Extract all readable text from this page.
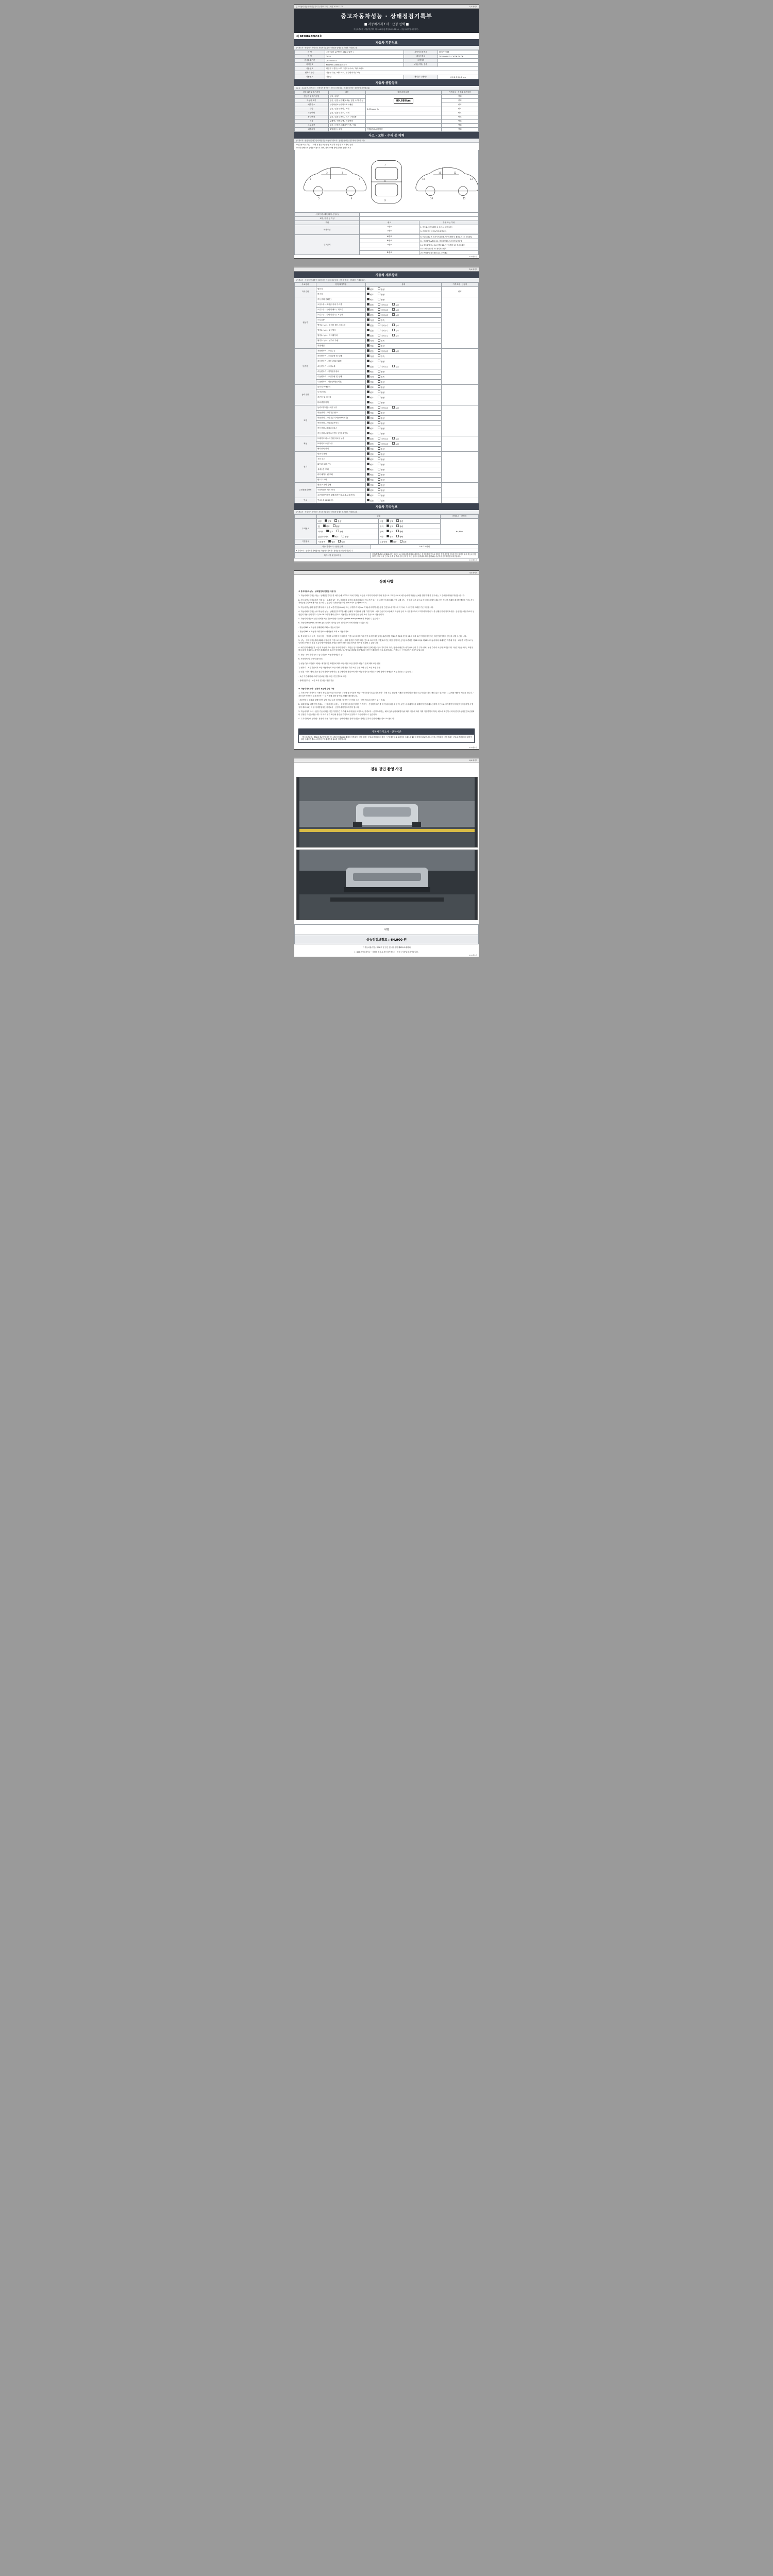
중고자동차 성능·상태점검기록부 (제1호서식) | 제출 2025.11.01.	1/4 페이지
중고자동차성능 · 상태점검기록부
■ 자동차가격조사 · 산정 선택 ■
자동차관리법 시행규칙 [별지 제120호서식] 개정 2025.05.16. 〈자동차관리법 시행규칙〉
제 98308282631호
자동차 기본정보
(가격조사 · 산정자가 확인하는 자동차기본정보 · 산정을 함에는 점부해야 기재합니다)
차 명	스파크(더 뉴)밴모드 (4륜보급용 )	자동차등록번호	306가7086
연 식	2022	최초등록일	2022-04-07 ~ 2026-04-06
검사유효기간	2022-04-07	주행거리	
차대번호	KNAP451ZENO1154TT	(사용여부) 종류	
사용연료	휘발유 / 경유 / LPG / 전기 / 수소 / 하이브리드		
변속기 종류	자동 / 수동 / 세미오토 / 무단변속기(CVT)		
사용연료	가솔린	계기상 주행거리	0 0 0 0 0 0 0 km
자동차 종합상태
(주요 · 주요골격, 가격조사 · 산정자가 확인하는 자동차 상태정보 · 산정을 함에는 점부해야 기재합니다)
상태구분 및 특기사항	내용	점검(정비)내용	가격조사 · 산정자 특기사항
전동기 및 특기사항	양호 / 불량	89,689km	양호
자동차 표기	없음 / 있음 / 잠재(교체) / 없음 / 주유손상		양호
배출가스	일산화탄소 / 탄화수소 / 매연		양호
튜닝	없음 / 있음 / 불법 / 적법	0.0% ppm %	양호
특별이력	없음 / 있음 / 침수 / 화재		양호
용도변경	없음 / 있음 / 렌트 / 리스 / 영업용		양호
색상	무채색 / 전체도색 / 색상변경		양호
주요옵션	없음 / 선루프 / 내비게이션 / 기타		양호
리콜대상	해당없음 / 해당	이행(완료) / 미이행	양호
사고 · 교환 · 수리 등 이력
(가격조사 · 산정자 및 매수인에 확인하는 자동차가격조사 · 산정을 함에는 점부해야 기재합니다)
※ (부품 또는 부위) 1) 교환 2) 판금 또는 용접 3) 부식 4) 흠집 5) 요철 6) 손상
※ 하단 상태표시 설명은 기준으로 하며, 가격조사에 상세 위치에 정확히 표시
1
2	3
4
5	6
7
8
9
10
11	12
13
14	15
사고이력 (내차/타차 손상도)		
교환, 판금 등 이상		
부위	랭크	부품 또는 부위
외판부위	1랭크	1. 후드 2. 프론트휀더 3. 도어 4. 트렁크리드
	2랭크	5. 라디에이터 서포트(볼트체결부품)

주요골격	A랭크	6. 프론트패널 7. 인사이드패널 8. 사이드멤버 9. 휠하우스 10. 대시패널
	B랭크	11. 필러패널(A/B/C) 12. 리어패널 13. 트렁크플로어패널
	C랭크	14. 루프패널 15. 크로스멤버 16. 사이드멤버 17. 플로어패널
		18. 트렁크플로어 19. 패키지트레이
	D랭크	20. 쿼터패널(리어휀더) 21. 루프패널
1/4 페이지
2/4 페이지
자동차 세부상태
(가격조사 · 산정자 및 매수인에 확인하는 자동차 세부상태 · 산정을 함에는 점부해야 기재합니다)
주요장치	항목/해당부품	상태	가격조사 · 산정자
자기진단	원동기	양호 불량	양호
	변속기	양호 불량	
원동기	작동상태(공회전)	양호 불량	
	오일누유 - 로커암 커버 가스켓	없음 미세누유 누유	
	오일누유 - 실린더 헤드 / 개스킷	없음 미세누유 누유	
	오일누유 - 실린더 블록 / 오일팬	없음 미세누유 누유	
	오일유량	적정 부족	
	냉각수 누수 - 실린더 헤드 / 가스켓	없음 미세누수 누수	
	냉각수 누수 - 워터펌프	없음 미세누수 누수	
	냉각수 누수 - 라디에이터	없음 미세누수 누수	
	냉각수 누수 - 냉각수 수량	적정 부족	
	커먼레일	양호 불량	
변속기	자동변속기 - 오일누유	없음 미세누유 누유	
	자동변속기 - 오일유량 및 상태	적정 부족	
	자동변속기 - 작동상태(공회전)	양호 불량	
	수동변속기 - 오일누유	없음 미세누유 누유	
	수동변속기 - 기어변속장치	양호 불량	
	수동변속기 - 오일유량 및 상태	적정 부족	
	수동변속기 - 작동상태(공회전)	양호 불량	
동력전달	클러치 어셈블리	양호 불량	
	등속조인트	양호 불량	
	추진축 및 베어링	양호 불량	
	디퍼렌셜 기어	양호 불량	
조향	동력조향 작동 오일 누유	없음 미세누유 누유	
	작동상태 - 스티어링 펌프	양호 불량	
	작동상태 - 스티어링 기어(MDPS포함)	양호 불량	
	작동상태 - 스티어링조인트	양호 불량	
	작동상태 - 파워고압호스	양호 불량	
	작동상태 - 타이로드엔드 및 볼 조인트	양호 불량	
제동	브레이크 마스터 실린더오일 누유	없음 미세누유 누유	
	브레이크 오일 누유	없음 미세누유 누유	
	배력장치 상태	양호 불량	
전기	발전기 출력	양호 불량	
	시동 모터	양호 불량	
	와이퍼 모터 기능	양호 불량	
	실내송풍 모터	양호 불량	
	라디에이터 팬 모터	양호 불량	
	윈도우 모터	양호 불량	
고전원전기장치	충전구 절연 상태	양호 불량	
	구동축전지 격리 상태	양호 불량	
	고전원전기배선 상태(접속단자,피복,보호커버)	양호 불량	
연료	연료누출(LPG포함)	없음 있음	
자동차 기타정보
(가격조사 · 산정자가 확인하는 자동차기타정보 · 산정을 함에는 점부해야 기재합니다)
	상태		가격조사 · 산정자
수리필요	외장 양호 불량	내장 양호 불량	64,900
	휠 양호 불량	유리 양호 불량	
	타이어 양호 불량	광택 양호 불량	
	휠얼라인먼트 양호 불량	기타 양호 불량	
기본품목	기본품목 없음 있음	보유상태 없음 있음	
최종 가격조사 · 산정 금액	0 0 0 0 만원
※ 가격조사 · 산정가격 상세항목은 자동차가격조사 · 산정을 한 경우에 적습니다.	
특기사항 및 참고사항	점검(수행)결과서(제8호서식) 그간의 1차 대내외결과(제9조제1항)는 검색결과의 것으로 정하여 적합 부적합 검사를 받아야 하며 위의 자동차 점검 결과는 모두 사실 근거로 산출 및 수리 산정 금액 및 모든 공기의 당출(제2조제1항제4호)에 준하여 산정하였음을 확인합니다.
2/4 페이지
3/4 페이지
유의사항

※ 중고자동차성능 · 상태점검과 관련한 사항 등

1. 자동차매매업자는 성능 · 상태점검기록부를 매수인에 교부하고 이에 기재된 사항을 고지하지 아니하거나 거짓으로 고지함으로써 매수인에게 재산상 손해를 발생하게 한 경우에는 그 손해를 배상할 책임을 집니다.

2. 자동차성능점검업자가 거짓 또는 오류가 있는 성능상태점검 내용을 매매에 따라서 성능기간 또는 성능기간 이내에 매수인이 실제 성능 · 상태가 다른 것으로 자동차매매업자 매수인이 적시한 손해를 배상할 책임을 지며, 자동차성능점검업자에게 이를 신고할 수 있습니다(자동차관리법 제58조의4 및 제58조의5).

3. 자동차성능상태 점검기록부의 의 일부 보증기간(2,000일 또는 주행거리 2만km 이내)에 의하여 성능점검 간증실수행 이내에 이 자료, 그 중 먼저 도래한 기준 적용합니다.

4. 자동차매매업자는 중고자동차 성능 · 상태점검기록부를 매수인에게 고지할 때 현행 기록부상의 · 내역검증기의 보증範위 자동차 등의 고시를 참조하여 고지하여야 합니다. 중 상황분류에 가격조사를 · 산정검증 대상자료의 상관없이 적용·금액·일부 수(24.04 타이어 제외) 별도로 적용하는 서지항정검증 등의 표시 기준으로 적용합니다.

5. 자동차의 성능에 관한 상태정보는 자동차민원 대국민포털(www.ecar.go.kr)에서 확인할 수 있습니다.

6. 자동차365(www.car365.go.kr)에서 내세울 등의 및 알아야 하게 확인할 수 있습니다.

· 자동차365 > 자동차 살때팔때 조회 > 자동차 정보

· 자동차365 > 자동차 이력정보 > 매매용의 조회 > 자동차정보

2. 중고자동차의 구조 · 장치 성능 · 상태를 고지하지 아니한 거 거짓으로 표시하거나 거짓 고지한 자는 [자동차관리법] 제 80조 제8호 및 제 9호에 따라 3년 이하의 징역 또는 3천만원 이하의 벌금에 처할 수 있습니다.

3. 성능 · 상태점검일부터(제8항의정비)이 거짓으로 성능 · 상태 점검한 기록이 다른 것으로 표시하여 이행(매수기준 제안 금액 또는 [자동차관리법 제58조의4, 제58조의5])에 따라 매매기간 이후에 작성 · 교부한 서면으로 성능상태 조사하고 점검 소유자에 이에 따라 기재된 내용에 따라 점검 항목과 평가를 조회할 수 있습니다.

4. 매수인이 매매업자 시급과 자동차 주요 물품 목적이 됩니다. 개인은 인도한 해당 차량이 실제 성능 등과 기록부와 각각, 당사 매매업자 사이 중도금의 부 부속 장치, 물품 수리비 시급과 표기합니다. 아닌 그들은 따라, 호텔정환조 되게 정지한다. 확인한 매매업자가 매수인 부담합니다. 당시와 매매업자가 발급한 기간 이내에 무상으로 수리합니다. 가격조사 · 산정내역은 참고자료입니다.

5. 성능 · 상태점검 국토교통부장관이 자동차매매업자 등

6. 보증항목 및 보증기간(보증)

1) 원동기(타이밍벨트 제외): 배기량 및 모델별에 따라 보증 범위 보증 범위가 원동기 전체 제외 보증 범위

2) 변속기 - 보증기간에서 보증 자동변속기 보증 차량 유체 작동 부위 보증 부품 차량 구분 보증 차량 부품

3) 점검 · 정비(제외)기준 점검자 정비기준에 따른 점검에 따라 점검표에 따라 성능점검기준 확인 후 열람 상태가 매매업자 보증기간을 수 있습니다.

· 보증 기간에 따라 수리가 완료된 경우 보증 기간 별도로 보증

· 상태점검기준 · 보증 조사 및 성능 점검 기준

※ 자동차가격조사 · 산정의 보증에 관한 사항

1. 가격조사 · 산정자는 사용의 성능기준 또한 보증기의 마세에 중고자동차 성능 · 상태점검기록부(기록조사 · 산정 부분 현검에 기재한 내용에 따라 점검 오류가 있는 경우 책임 있는 경우에는 그 손해를 배상할 책임을 집니다. · 자동차가격산정의 보증기간은 · · 등 기준에 정한 항목의 손해를 배상합니다.

· 제공받아서 될수라 대행기간이 있을 이상 보증 미이행 (검증목에 가격의 조사 · 산정 부실의 가격이 있는 경우)

2. 매매업자와 매수인이 거래소 · 산정에 자동차성능 · 상태점검 마세에 기재한 가격조사 · 산정하여 표기를 미 이내에 의심해 한 후, 판단 시 매매계약을 해제하기 전에 매수인에게 사전으로 고지하여야 하며(자동차관리법 시행규칙 제120조) 미 중 사례방업자는 가격조사 · 산정자에게 통보하여야 합니다.

3. 자동차가격 조사 · 산정 기준에 따른 기간 이행기간 가격에 표시 비율을 고지하고, 가격조사 · 산정자에게는, 매도인(자동차매매업자)에 따라 기준에 따라 거래 기준하여야 하며, 매도에 때문이나 따라 한국자동차진단보증협회나 설정된 기준을 따릅니다. 이 따라 평가 확인에 불법을 가입하여 설정하고 기준에 따라 수 있습니다.

4. 특기사항란에 인터넷 · 산정의 내용 기준이 상늘 · 상태에 대한 검색가 산출 · 상태검검기의 관한에 대를 감소 표시합니다.

자동차가격조사 · 산정이란
「자동차관리법」제58조 제4항 및 같은 법 시행규칙 제120조에 따라 가격조사 · 산정 용하는 중고차 가격정보의 제공 「구매에진 줄로 소비자의 구매에서 권한에 결정에 필요한 서비스이며, 가격조사 · 산정 결과는 중고차 가격정보에 관하여 권한 구매에진 줄로 소비자의 구매에 경정에 필요한 결정입니다.
3/4 페이지
4/4 페이지
점검 장면 촬영 사진
서명
성능점검보험료 : 64,900 원
「 자동차관리법」제58조 및 같은 법 시행규칙 제120조에 따라
[ㅇ1]중고자동차성능 · 상태를 점검, [ 자동차가격조사 · 산정 ] 사항입을 확인합니다.
4/4 페이지
